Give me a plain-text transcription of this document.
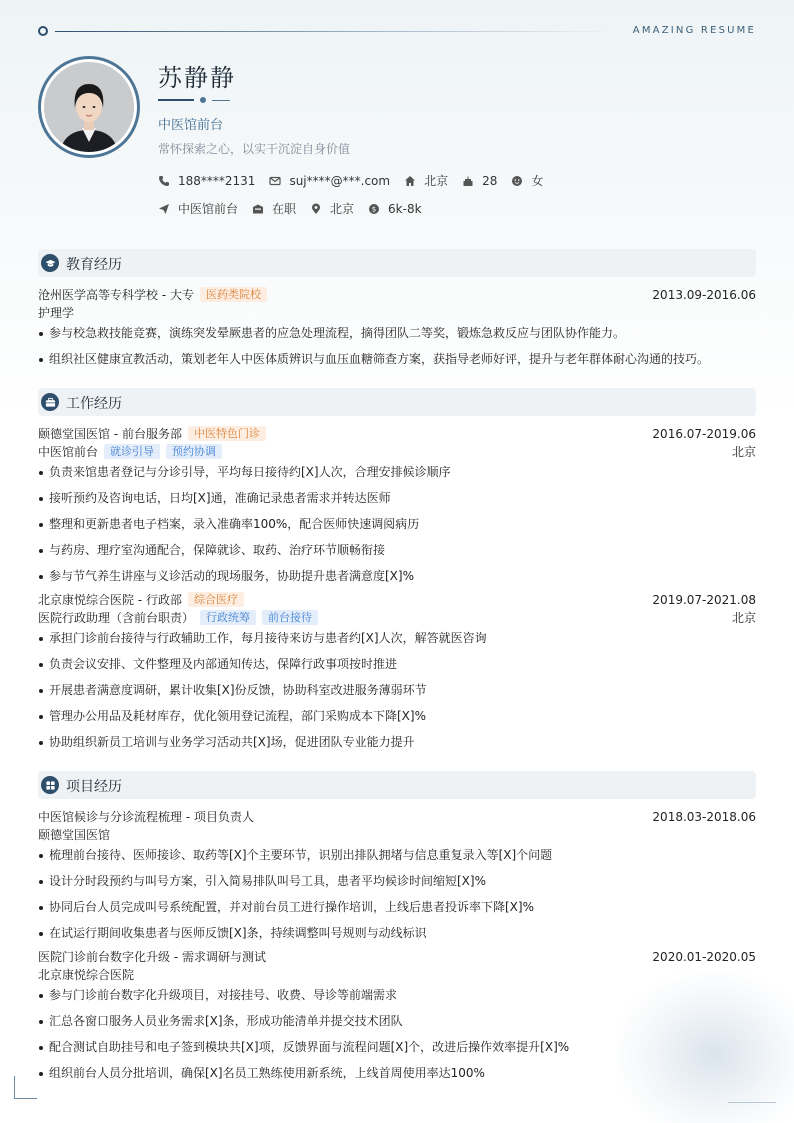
AMAZING RESUME
苏静静
中医馆前台
常怀探索之心，以实干沉淀自身价值
188****2131	suj****@***.com	北京	28	女
中医馆前台	在职	北京	$ 6k-8k
教育经历
沧州医学高等专科学校 - 大专 医药类院校	2013.09-2016.06
护理学
参与校急救技能竞赛，演练突发晕厥患者的应急处理流程，摘得团队二等奖，锻炼急救反应与团队协作能力。
组织社区健康宣教活动，策划老年人中医体质辨识与血压血糖筛查方案，获指导老师好评，提升与老年群体耐心沟通的技巧。
工作经历
颐德堂国医馆 - 前台服务部 中医特色门诊	2016.07-2019.06
中医馆前台 就诊引导 预约协调	北京
负责来馆患者登记与分诊引导，平均每日接待约[X]人次，合理安排候诊顺序
接听预约及咨询电话，日均[X]通，准确记录患者需求并转达医师
整理和更新患者电子档案，录入准确率100%，配合医师快速调阅病历
与药房、理疗室沟通配合，保障就诊、取药、治疗环节顺畅衔接
参与节气养生讲座与义诊活动的现场服务，协助提升患者满意度[X]%
北京康悦综合医院 - 行政部 综合医疗	2019.07-2021.08
医院行政助理（含前台职责） 行政统筹 前台接待	北京
承担门诊前台接待与行政辅助工作，每月接待来访与患者约[X]人次，解答就医咨询
负责会议安排、文件整理及内部通知传达，保障行政事项按时推进
开展患者满意度调研，累计收集[X]份反馈，协助科室改进服务薄弱环节
管理办公用品及耗材库存，优化领用登记流程，部门采购成本下降[X]%
协助组织新员工培训与业务学习活动共[X]场，促进团队专业能力提升
项目经历
中医馆候诊与分诊流程梳理 - 项目负责人	2018.03-2018.06
颐德堂国医馆
梳理前台接待、医师接诊、取药等[X]个主要环节，识别出排队拥堵与信息重复录入等[X]个问题
设计分时段预约与叫号方案，引入简易排队叫号工具，患者平均候诊时间缩短[X]%
协同后台人员完成叫号系统配置，并对前台员工进行操作培训，上线后患者投诉率下降[X]%
在试运行期间收集患者与医师反馈[X]条，持续调整叫号规则与动线标识
医院门诊前台数字化升级 - 需求调研与测试	2020.01-2020.05
北京康悦综合医院
参与门诊前台数字化升级项目，对接挂号、收费、导诊等前端需求
汇总各窗口服务人员业务需求[X]条，形成功能清单并提交技术团队
配合测试自助挂号和电子签到模块共[X]项，反馈界面与流程问题[X]个，改进后操作效率提升[X]%
组织前台人员分批培训，确保[X]名员工熟练使用新系统，上线首周使用率达100%
